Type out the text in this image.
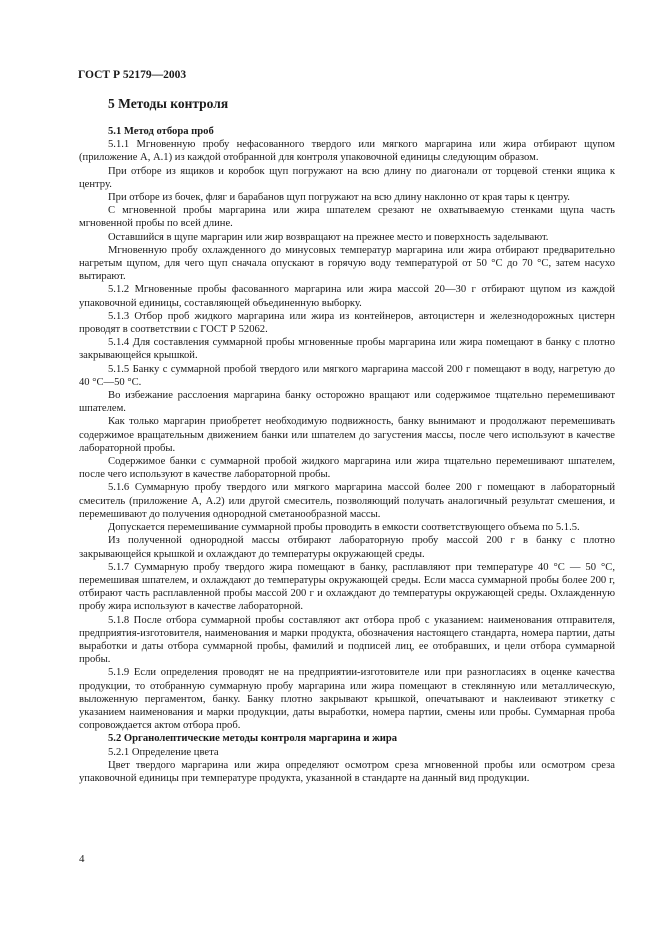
ГОСТ Р 52179—2003
5 Методы контроля

5.1 Метод отбора проб

5.1.1 Мгновенную пробу нефасованного твердого или мягкого маргарина или жира отбирают щупом (приложение А, А.1) из каждой отобранной для контроля упаковочной единицы следующим образом.

При отборе из ящиков и коробок щуп погружают на всю длину по диагонали от торцевой стенки ящика к центру.

При отборе из бочек, фляг и барабанов щуп погружают на всю длину наклонно от края тары к центру.

С мгновенной пробы маргарина или жира шпателем срезают не охватываемую стенками щупа часть мгновенной пробы по всей длине.

Оставшийся в щупе маргарин или жир возвращают на прежнее место и поверхность заделывают.

Мгновенную пробу охлажденного до минусовых температур маргарина или жира отбирают предварительно нагретым щупом, для чего щуп сначала опускают в горячую воду температурой от 50 °С до 70 °С, затем насухо вытирают.

5.1.2 Мгновенные пробы фасованного маргарина или жира массой 20—30 г отбирают щупом из каждой упаковочной единицы, составляющей объединенную выборку.

5.1.3 Отбор проб жидкого маргарина или жира из контейнеров, автоцистерн и железнодорожных цистерн проводят в соответствии с ГОСТ Р 52062.

5.1.4 Для составления суммарной пробы мгновенные пробы маргарина или жира помещают в банку с плотно закрывающейся крышкой.

5.1.5 Банку с суммарной пробой твердого или мягкого маргарина массой 200 г помещают в воду, нагретую до 40 °С—50 °С.

Во избежание расслоения маргарина банку осторожно вращают или содержимое тщательно перемешивают шпателем.

Как только маргарин приобретет необходимую подвижность, банку вынимают и продолжают перемешивать содержимое вращательным движением банки или шпателем до загустения массы, после чего используют в качестве лабораторной пробы.

Содержимое банки с суммарной пробой жидкого маргарина или жира тщательно перемешивают шпателем, после чего используют в качестве лабораторной пробы.

5.1.6 Суммарную пробу твердого или мягкого маргарина массой более 200 г помещают в лабораторный смеситель (приложение А, А.2) или другой смеситель, позволяющий получать аналогичный результат смешения, и перемешивают до получения однородной сметанообразной массы.

Допускается перемешивание суммарной пробы проводить в емкости соответствующего объема по 5.1.5.

Из полученной однородной массы отбирают лабораторную пробу массой 200 г в банку с плотно закрывающейся крышкой и охлаждают до температуры окружающей среды.

5.1.7 Суммарную пробу твердого жира помещают в банку, расплавляют при температуре 40 °С — 50 °С, перемешивая шпателем, и охлаждают до температуры окружающей среды. Если масса суммарной пробы более 200 г, отбирают часть расплавленной пробы массой 200 г и охлаждают до температуры окружающей среды. Охлажденную пробу жира используют в качестве лабораторной.

5.1.8 После отбора суммарной пробы составляют акт отбора проб с указанием: наименования отправителя, предприятия-изготовителя, наименования и марки продукта, обозначения настоящего стандарта, номера партии, даты выработки и даты отбора суммарной пробы, фамилий и подписей лиц, ее отобравших, и цели отбора суммарной пробы.

5.1.9 Если определения проводят не на предприятии-изготовителе или при разногласиях в оценке качества продукции, то отобранную суммарную пробу маргарина или жира помещают в стеклянную или металлическую, выложенную пергаментом, банку. Банку плотно закрывают крышкой, опечатывают и наклеивают этикетку с указанием наименования и марки продукции, даты выработки, номера партии, смены или пробы. Суммарная проба сопровождается актом отбора проб.

5.2 Органолептические методы контроля маргарина и жира

5.2.1 Определение цвета

Цвет твердого маргарина или жира определяют осмотром среза мгновенной пробы или осмотром среза упаковочной единицы при температуре продукта, указанной в стандарте на данный вид продукции.

4
